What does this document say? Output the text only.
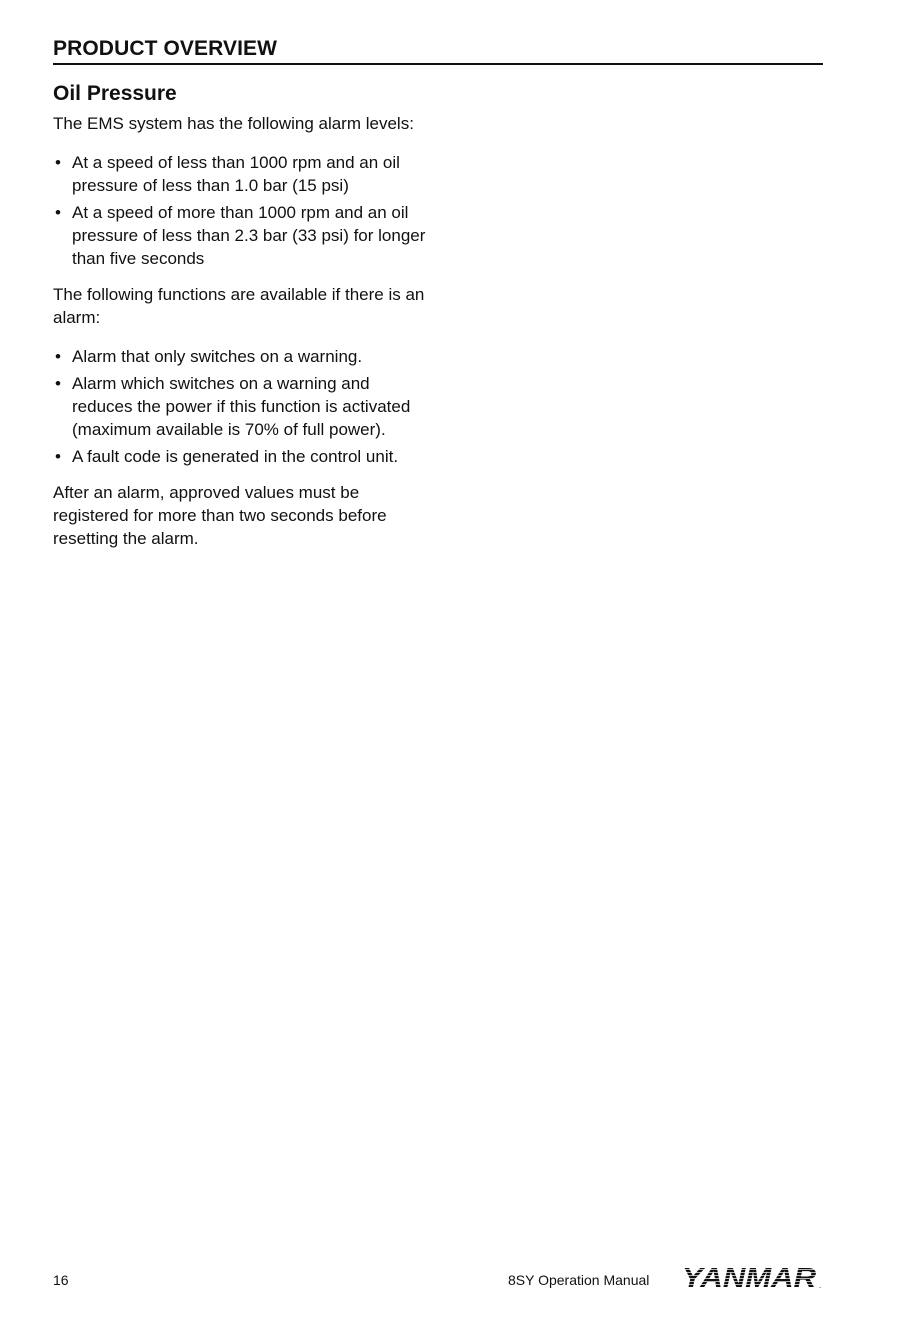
PRODUCT OVERVIEW
Oil Pressure

The EMS system has the following alarm levels:

• At a speed of less than 1000 rpm and an oil pressure of less than 1.0 bar (15 psi)
• At a speed of more than 1000 rpm and an oil pressure of less than 2.3 bar (33 psi) for longer than five seconds

The following functions are available if there is an alarm:

• Alarm that only switches on a warning.
• Alarm which switches on a warning and reduces the power if this function is activated (maximum available is 70% of full power).
• A fault code is generated in the control unit.

After an alarm, approved values must be registered for more than two seconds before resetting the alarm.

16	8SY Operation Manual YANMAR .
